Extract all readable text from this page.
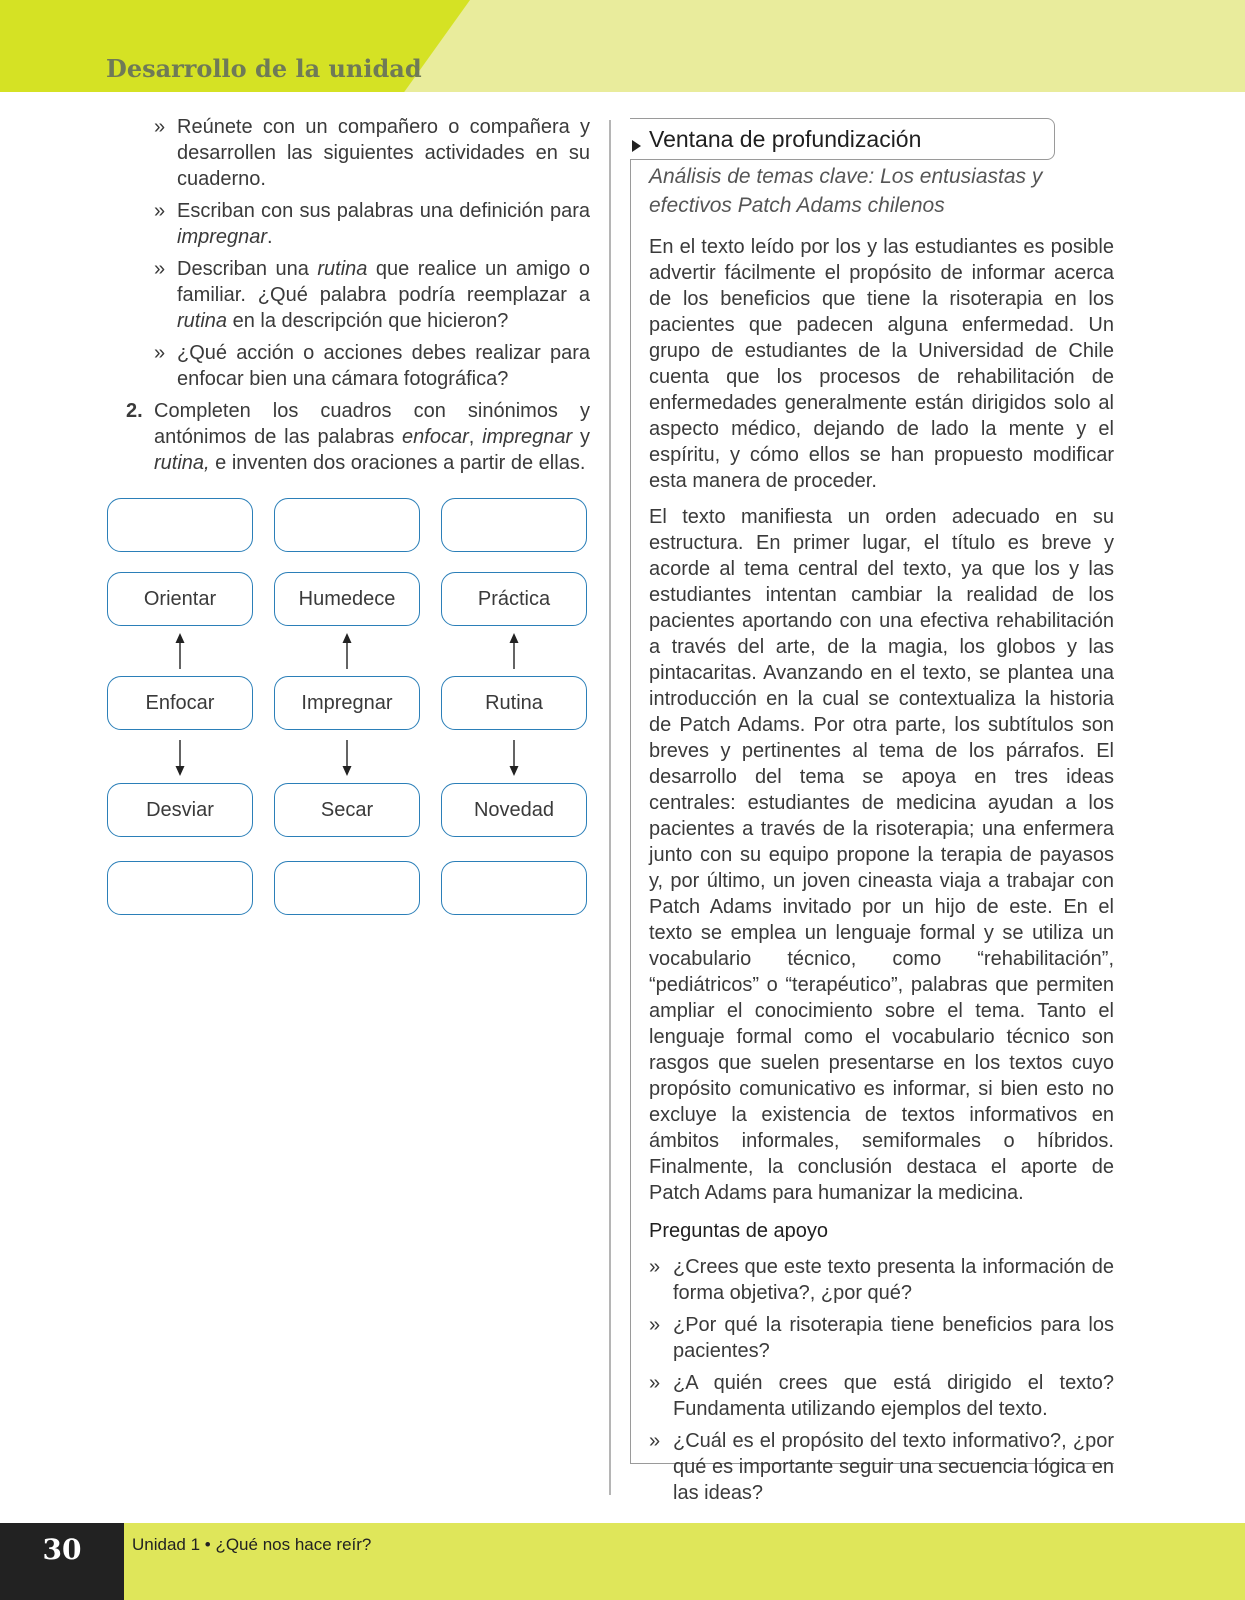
Desarrollo de la unidad
» Reúnete con un compañero o compañera y desarrollen las siguientes actividades en su cuaderno.
» Escriban con sus palabras una definición para impregnar.
» Describan una rutina que realice un amigo o familiar. ¿Qué palabra podría reemplazar a rutina en la descripción que hicieron?
» ¿Qué acción o acciones debes realizar para enfocar bien una cámara fotográfica?
2. Completen los cuadros con sinónimos y antónimos de las palabras enfocar, impregnar y rutina, e inventen dos oraciones a partir de ellas.
Orientar	Humedece	Práctica
Enfocar	Impregnar	Rutina
Desviar	Secar	Novedad
Ventana de profundización
Análisis de temas clave: Los entusiastas y efectivos Patch Adams chilenos
En el texto leído por los y las estudiantes es posible advertir fácilmente el propósito de informar acerca de los beneficios que tiene la risoterapia en los pacientes que padecen alguna enfermedad. Un grupo de estudiantes de la Universidad de Chile cuenta que los procesos de rehabilitación de enfermedades generalmente están dirigidos solo al aspecto médico, dejando de lado la mente y el espíritu, y cómo ellos se han propuesto modificar esta manera de proceder.
El texto manifiesta un orden adecuado en su estructura. En primer lugar, el título es breve y acorde al tema central del texto, ya que los y las estudiantes intentan cambiar la realidad de los pacientes aportando con una efectiva rehabilitación a través del arte, de la magia, los globos y las pintacaritas. Avanzando en el texto, se plantea una introducción en la cual se contextualiza la historia de Patch Adams. Por otra parte, los subtítulos son breves y pertinentes al tema de los párrafos. El desarrollo del tema se apoya en tres ideas centrales: estudiantes de medicina ayudan a los pacientes a través de la risoterapia; una enfermera junto con su equipo propone la terapia de payasos y, por último, un joven cineasta viaja a trabajar con Patch Adams invitado por un hijo de este. En el texto se emplea un lenguaje formal y se utiliza un vocabulario técnico, como “rehabilitación”, “pediátricos” o “terapéutico”, palabras que permiten ampliar el conocimiento sobre el tema. Tanto el lenguaje formal como el vocabulario técnico son rasgos que suelen presentarse en los textos cuyo propósito comunicativo es informar, si bien esto no excluye la existencia de textos informativos en ámbitos informales, semiformales o híbridos. Finalmente, la conclusión destaca el aporte de Patch Adams para humanizar la medicina.
Preguntas de apoyo
» ¿Crees que este texto presenta la información de forma objetiva?, ¿por qué?
» ¿Por qué la risoterapia tiene beneficios para los pacientes?
» ¿A quién crees que está dirigido el texto? Fundamenta utilizando ejemplos del texto.
» ¿Cuál es el propósito del texto informativo?, ¿por qué es importante seguir una secuencia lógica en las ideas?
30	Unidad 1 • ¿Qué nos hace reír?
